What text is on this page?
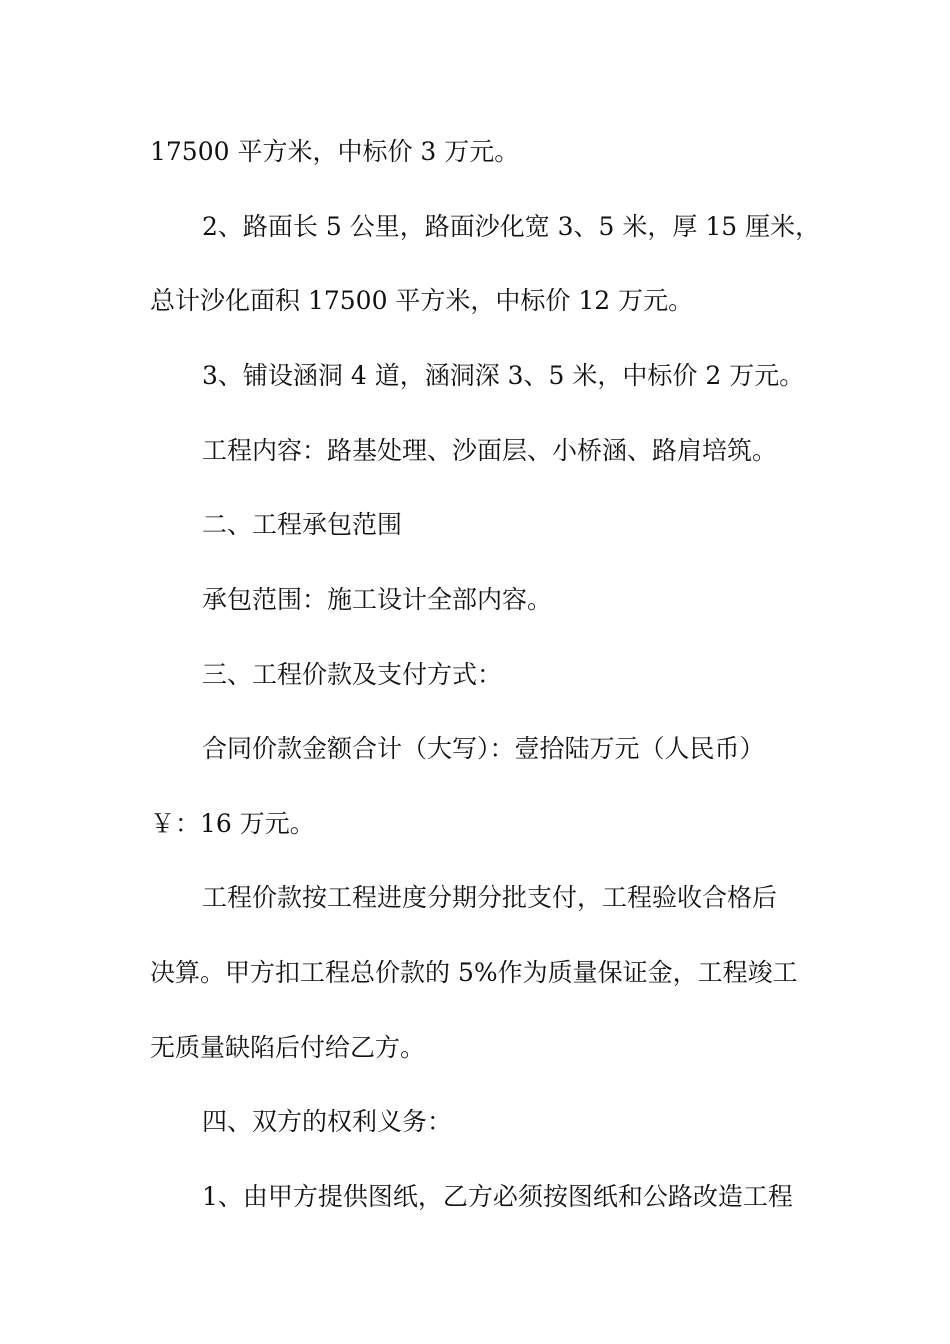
17500 平方米，中标价 3 万元。

2、路面长 5 公里，路面沙化宽 3、5 米，厚 15 厘米，

总计沙化面积 17500 平方米，中标价 12 万元。

3、铺设涵洞 4 道，涵洞深 3、5 米，中标价 2 万元。

工程内容：路基处理、沙面层、小桥涵、路肩培筑。

二、工程承包范围

承包范围：施工设计全部内容。

三、工程价款及支付方式：

合同价款金额合计（大写）：壹拾陆万元（人民币）

￥：16 万元。

工程价款按工程进度分期分批支付，工程验收合格后

决算。甲方扣工程总价款的 5%作为质量保证金，工程竣工

无质量缺陷后付给乙方。

四、双方的权利义务：

1、由甲方提供图纸，乙方必须按图纸和公路改造工程
